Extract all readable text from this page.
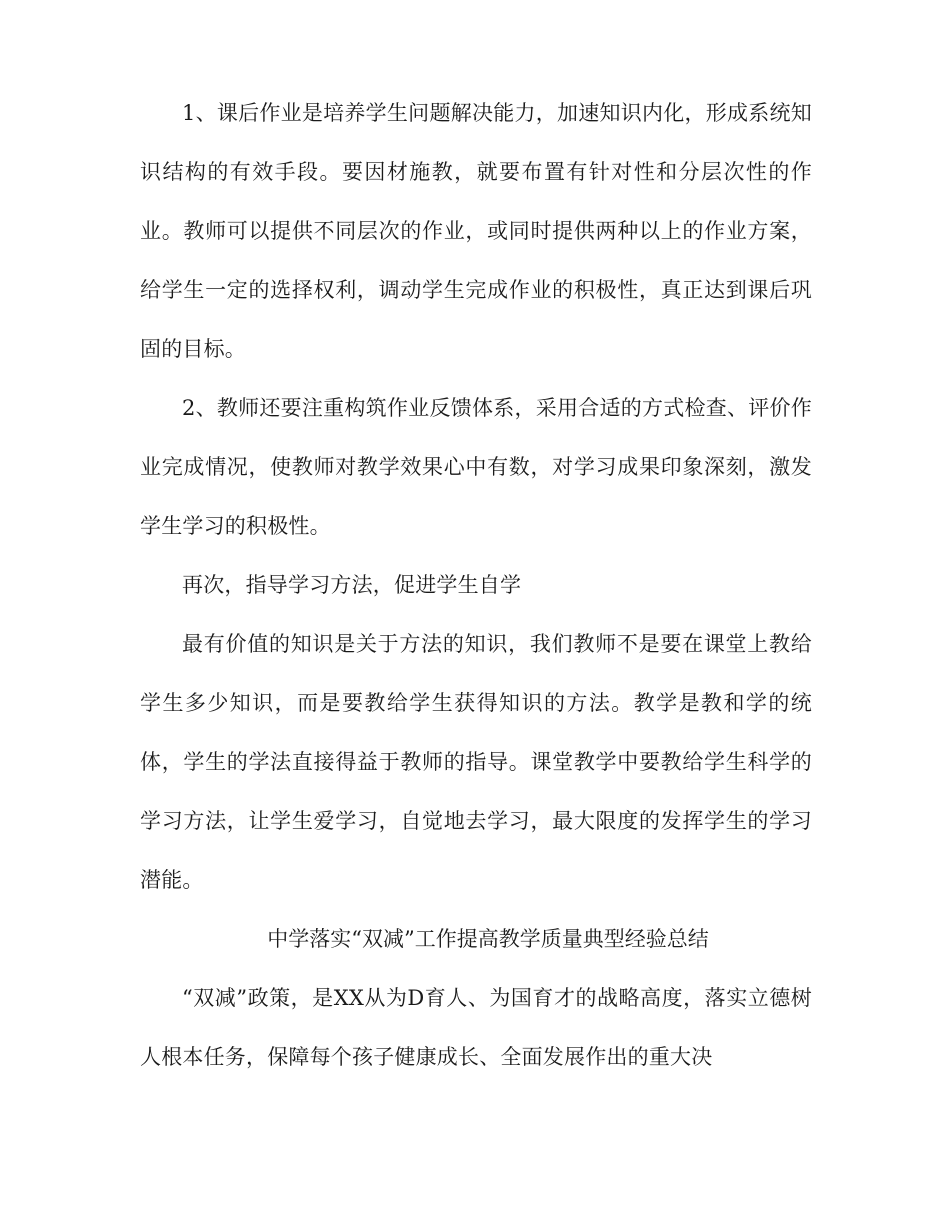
1、课后作业是培养学生问题解决能力，加速知识内化，形成系统知识结构的有效手段。要因材施教，就要布置有针对性和分层次性的作业。教师可以提供不同层次的作业，或同时提供两种以上的作业方案，给学生一定的选择权利，调动学生完成作业的积极性，真正达到课后巩固的目标。

2、教师还要注重构筑作业反馈体系，采用合适的方式检查、评价作业完成情况，使教师对教学效果心中有数，对学习成果印象深刻，激发学生学习的积极性。

再次，指导学习方法，促进学生自学

最有价值的知识是关于方法的知识，我们教师不是要在课堂上教给学生多少知识，而是要教给学生获得知识的方法。教学是教和学的统体，学生的学法直接得益于教师的指导。课堂教学中要教给学生科学的学习方法，让学生爱学习，自觉地去学习，最大限度的发挥学生的学习潜能。

中学落实“双减”工作提高教学质量典型经验总结

“双减”政策，是XX从为D育人、为国育才的战略高度，落实立德树人根本任务，保障每个孩子健康成长、全面发展作出的重大决
